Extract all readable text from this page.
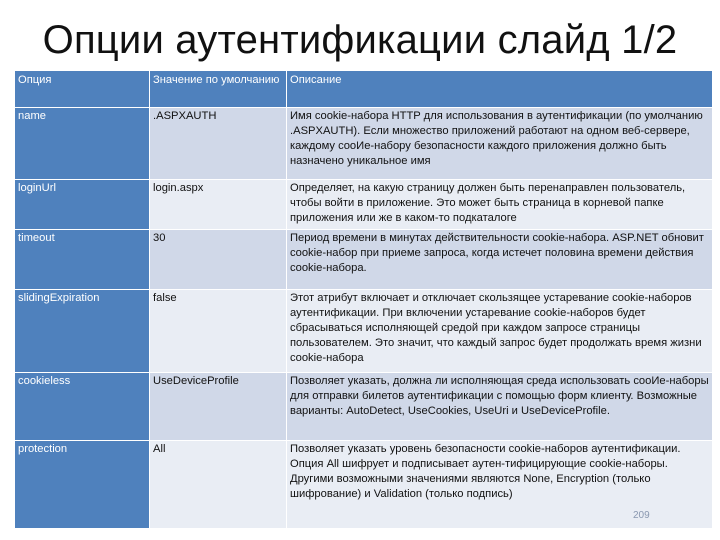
Опции аутентификации слайд 1/2
Опция	Значение по умолчанию	Описание
name	.ASPXAUTH	Имя cookie-набора HTTP для использования в аутентификации (по умолчанию .ASPXAUTH). Если множество приложений работают на одном веб-сервере, каждому cooИe-набору безопасности каждого приложения должно быть назначено уникальное имя
loginUrl	login.aspx	Определяет, на какую страницу должен быть перенаправлен пользователь, чтобы войти в приложение. Это может быть страница в корневой папке приложения или же в каком-то подкаталоге
timeout	30	Период времени в минутах действительности cookie-набора. ASP.NET обновит cookie-набор при приеме запроса, когда истечет половина времени действия cookie-набора.
slidingExpiration	false	Этот атрибут включает и отключает скользящее устаревание cookie-наборов аутентификации. При включении устаревание cookie-наборов будет сбрасываться исполняющей средой при каждом запросе страницы пользователем. Это значит, что каждый запрос будет продолжать время жизни cookie-набора
cookieless	UseDeviceProfile	Позволяет указать, должна ли исполняющая среда использовать cooИe-наборы для отправки билетов аутентификации с помощью форм клиенту. Возможные варианты: AutoDetect, UseCookies, UseUri и UseDeviceProfile.
protection	All	Позволяет указать уровень безопасности cookie-наборов аутентификации. Опция All шифрует и подписывает аутен-тифицирующие cookie-наборы. Другими возможными значениями являются None, Encryption (только шифрование) и Validation (только подпись)
209
